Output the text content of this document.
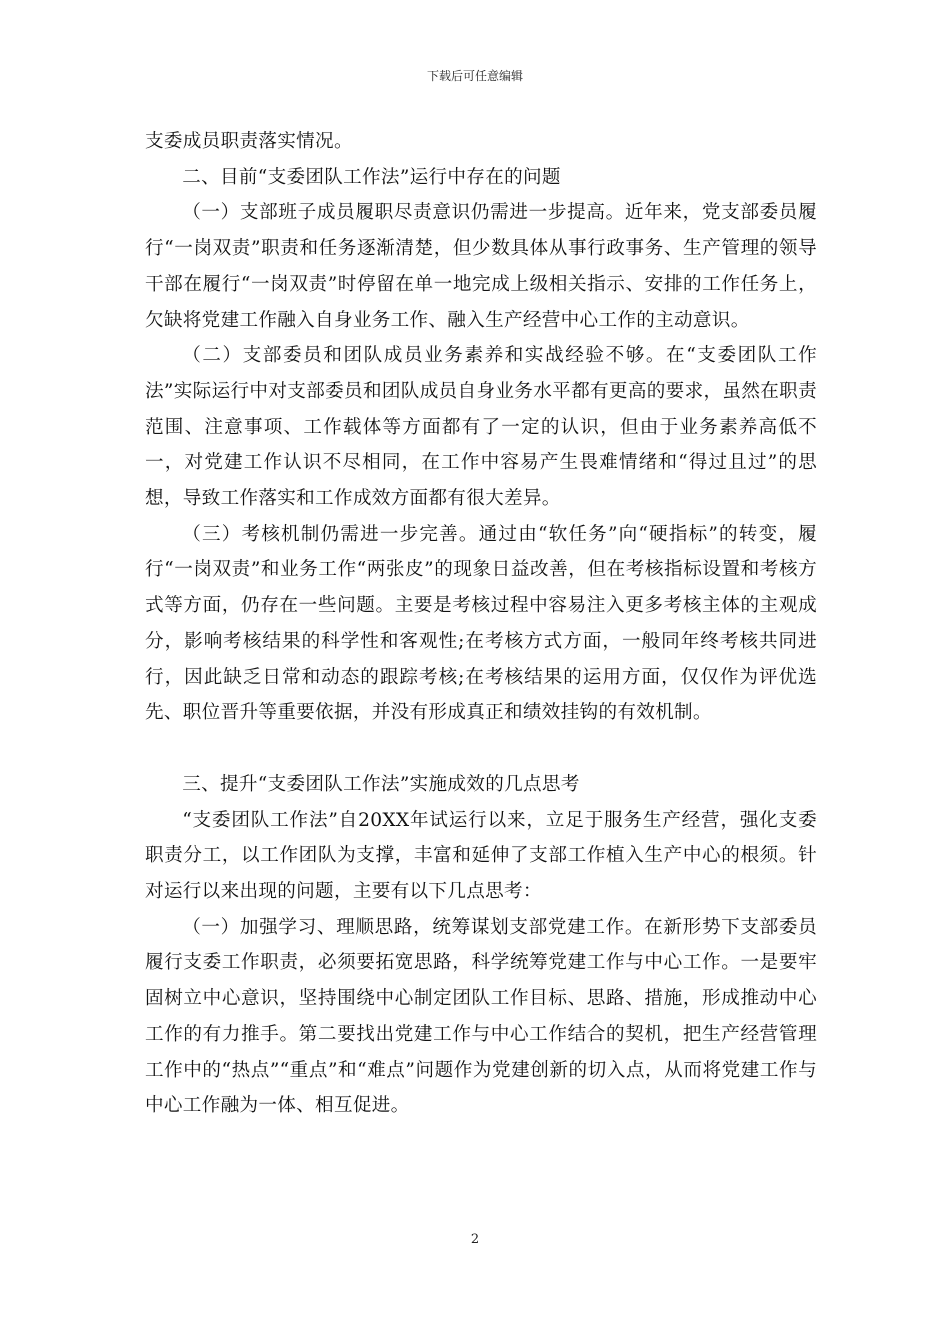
下载后可任意编辑

支委成员职责落实情况。

二、目前“支委团队工作法”运行中存在的问题

（一）支部班子成员履职尽责意识仍需进一步提高。近年来，党支部委员履行“一岗双责”职责和任务逐渐清楚，但少数具体从事行政事务、生产管理的领导干部在履行“一岗双责”时停留在单一地完成上级相关指示、安排的工作任务上，欠缺将党建工作融入自身业务工作、融入生产经营中心工作的主动意识。

（二）支部委员和团队成员业务素养和实战经验不够。在“支委团队工作法”实际运行中对支部委员和团队成员自身业务水平都有更高的要求，虽然在职责范围、注意事项、工作载体等方面都有了一定的认识，但由于业务素养高低不一，对党建工作认识不尽相同，在工作中容易产生畏难情绪和“得过且过”的思想，导致工作落实和工作成效方面都有很大差异。

（三）考核机制仍需进一步完善。通过由“软任务”向“硬指标”的转变，履行“一岗双责”和业务工作“两张皮”的现象日益改善，但在考核指标设置和考核方式等方面，仍存在一些问题。主要是考核过程中容易注入更多考核主体的主观成分，影响考核结果的科学性和客观性;在考核方式方面，一般同年终考核共同进行，因此缺乏日常和动态的跟踪考核;在考核结果的运用方面，仅仅作为评优选先、职位晋升等重要依据，并没有形成真正和绩效挂钩的有效机制。

三、提升“支委团队工作法”实施成效的几点思考

“支委团队工作法”自20XX年试运行以来，立足于服务生产经营，强化支委职责分工，以工作团队为支撑，丰富和延伸了支部工作植入生产中心的根须。针对运行以来出现的问题，主要有以下几点思考：

（一）加强学习、理顺思路，统筹谋划支部党建工作。在新形势下支部委员履行支委工作职责，必须要拓宽思路，科学统筹党建工作与中心工作。一是要牢固树立中心意识，坚持围绕中心制定团队工作目标、思路、措施，形成推动中心工作的有力推手。第二要找出党建工作与中心工作结合的契机，把生产经营管理工作中的“热点”“重点”和“难点”问题作为党建创新的切入点，从而将党建工作与中心工作融为一体、相互促进。

2
